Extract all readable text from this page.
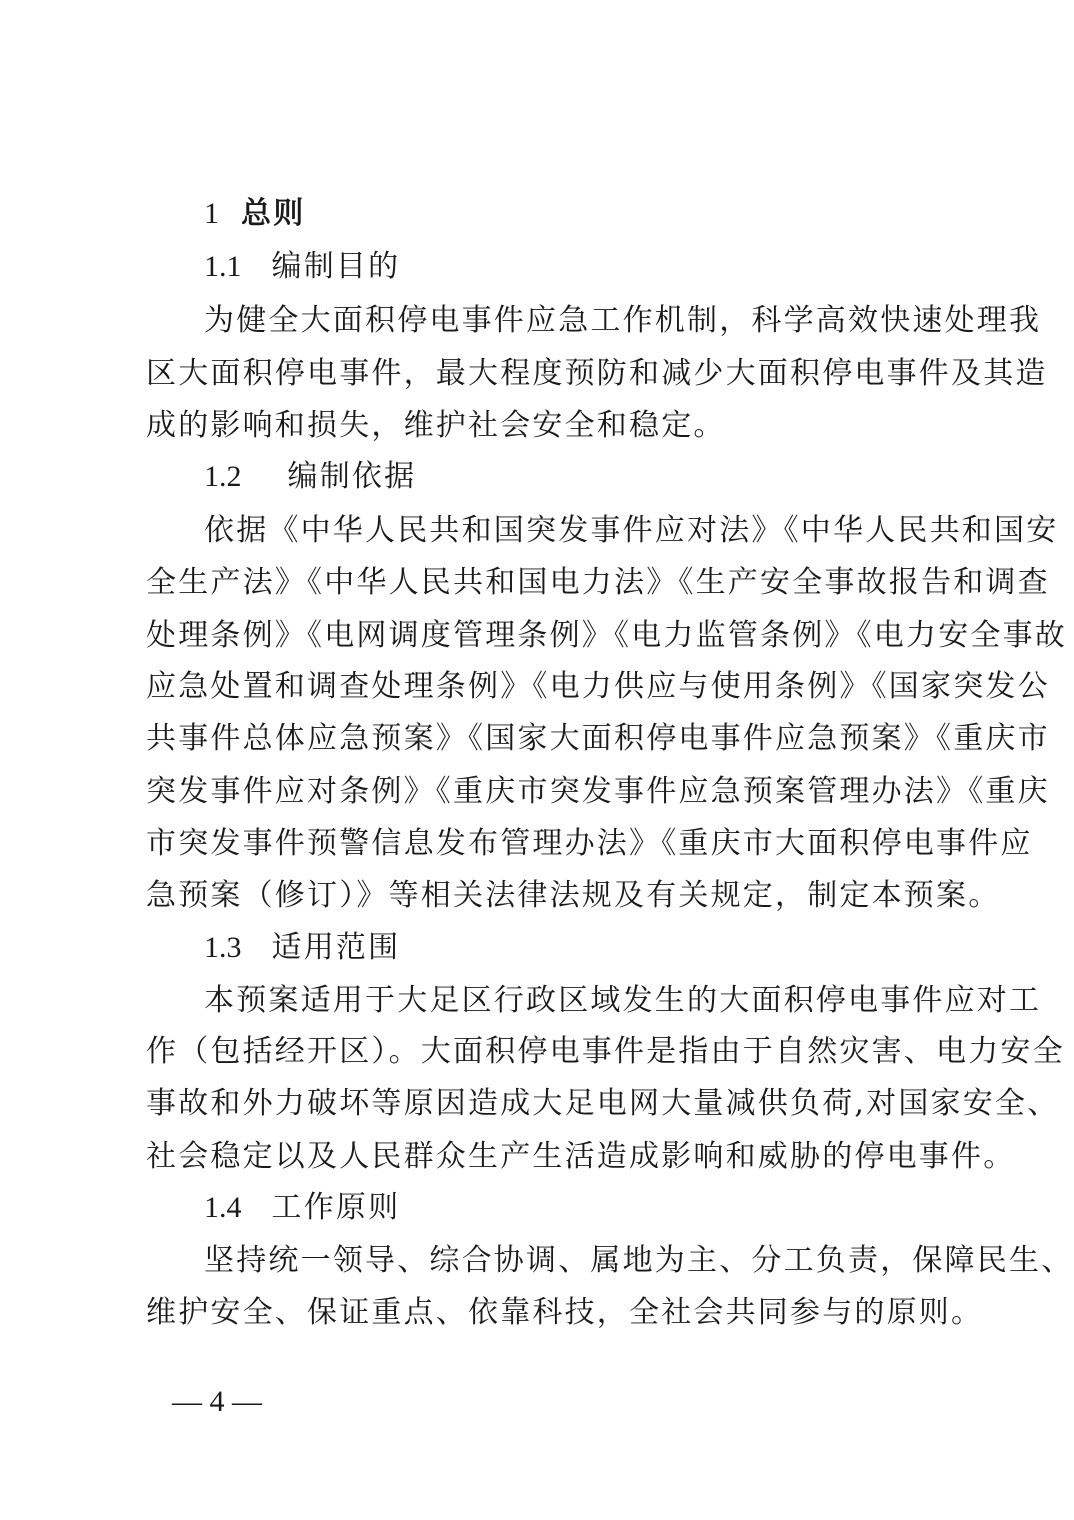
1 总则
1.1 编制目的
为健全大面积停电事件应急工作机制，科学高效快速处理我
区大面积停电事件，最大程度预防和减少大面积停电事件及其造
成的影响和损失，维护社会安全和稳定。
1.2 编制依据
依据《中华人民共和国突发事件应对法》《中华人民共和国安
全生产法》《中华人民共和国电力法》《生产安全事故报告和调查
处理条例》《电网调度管理条例》《电力监管条例》《电力安全事故
应急处置和调查处理条例》《电力供应与使用条例》《国家突发公
共事件总体应急预案》《国家大面积停电事件应急预案》《重庆市
突发事件应对条例》《重庆市突发事件应急预案管理办法》《重庆
市突发事件预警信息发布管理办法》《重庆市大面积停电事件应
急预案（修订）》等相关法律法规及有关规定，制定本预案。
1.3 适用范围
本预案适用于大足区行政区域发生的大面积停电事件应对工
作（包括经开区）。大面积停电事件是指由于自然灾害、电力安全
事故和外力破坏等原因造成大足电网大量减供负荷,对国家安全、
社会稳定以及人民群众生产生活造成影响和威胁的停电事件。
1.4 工作原则
坚持统一领导、综合协调、属地为主、分工负责，保障民生、
维护安全、保证重点、依靠科技，全社会共同参与的原则。
— 4 —
